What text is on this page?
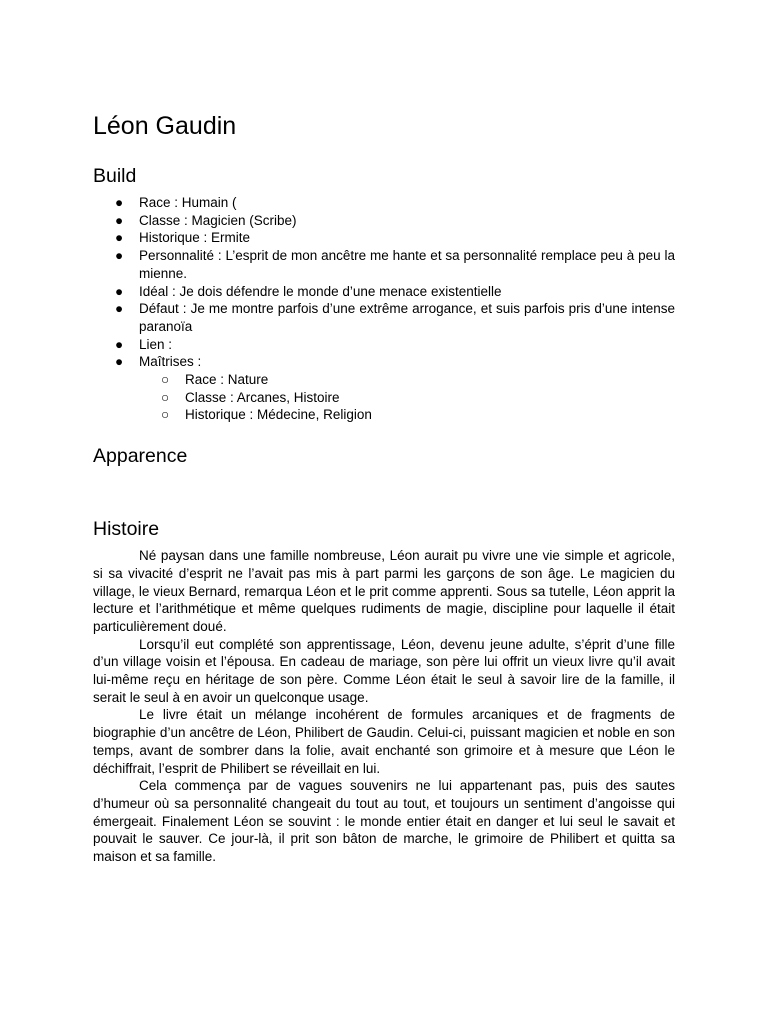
Léon Gaudin
Build
● Race : Humain (
● Classe : Magicien (Scribe)
● Historique : Ermite
● Personnalité : L’esprit de mon ancêtre me hante et sa personnalité remplace peu à peu la mienne.
● Idéal : Je dois défendre le monde d’une menace existentielle
● Défaut : Je me montre parfois d’une extrême arrogance, et suis parfois pris d’une intense paranoïa
● Lien :
● Maîtrises :
○ Race : Nature
○ Classe : Arcanes, Histoire
○ Historique : Médecine, Religion
Apparence
Histoire

Né paysan dans une famille nombreuse, Léon aurait pu vivre une vie simple et agricole, si sa vivacité d’esprit ne l’avait pas mis à part parmi les garçons de son âge. Le magicien du village, le vieux Bernard, remarqua Léon et le prit comme apprenti. Sous sa tutelle, Léon apprit la lecture et l’arithmétique et même quelques rudiments de magie, discipline pour laquelle il était particulièrement doué.

Lorsqu’il eut complété son apprentissage, Léon, devenu jeune adulte, s’éprit d’une fille d’un village voisin et l’épousa. En cadeau de mariage, son père lui offrit un vieux livre qu’il avait lui-même reçu en héritage de son père. Comme Léon était le seul à savoir lire de la famille, il serait le seul à en avoir un quelconque usage.

Le livre était un mélange incohérent de formules arcaniques et de fragments de biographie d’un ancêtre de Léon, Philibert de Gaudin. Celui-ci, puissant magicien et noble en son temps, avant de sombrer dans la folie, avait enchanté son grimoire et à mesure que Léon le déchiffrait, l’esprit de Philibert se réveillait en lui.

Cela commença par de vagues souvenirs ne lui appartenant pas, puis des sautes d’humeur où sa personnalité changeait du tout au tout, et toujours un sentiment d’angoisse qui émergeait. Finalement Léon se souvint : le monde entier était en danger et lui seul le savait et pouvait le sauver. Ce jour-là, il prit son bâton de marche, le grimoire de Philibert et quitta sa maison et sa famille.
